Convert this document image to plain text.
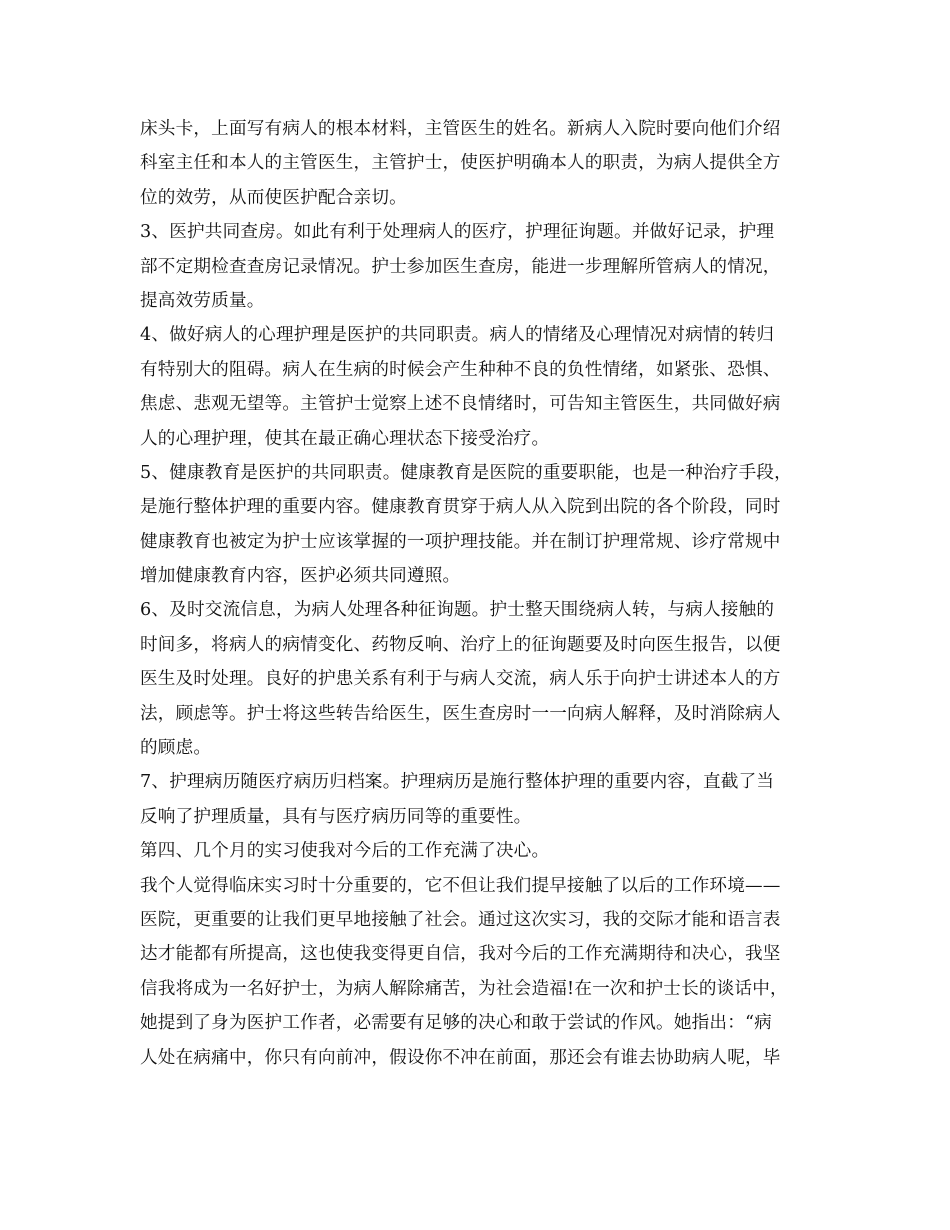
床头卡，上面写有病人的根本材料，主管医生的姓名。新病人入院时要向他们介绍
科室主任和本人的主管医生，主管护士，使医护明确本人的职责，为病人提供全方
位的效劳，从而使医护配合亲切。
3、医护共同查房。如此有利于处理病人的医疗，护理征询题。并做好记录，护理
部不定期检查查房记录情况。护士参加医生查房，能进一步理解所管病人的情况，
提高效劳质量。
4、做好病人的心理护理是医护的共同职责。病人的情绪及心理情况对病情的转归
有特别大的阻碍。病人在生病的时候会产生种种不良的负性情绪，如紧张、恐惧、
焦虑、悲观无望等。主管护士觉察上述不良情绪时，可告知主管医生，共同做好病
人的心理护理，使其在最正确心理状态下接受治疗。
5、健康教育是医护的共同职责。健康教育是医院的重要职能，也是一种治疗手段，
是施行整体护理的重要内容。健康教育贯穿于病人从入院到出院的各个阶段，同时
健康教育也被定为护士应该掌握的一项护理技能。并在制订护理常规、诊疗常规中
增加健康教育内容，医护必须共同遵照。
6、及时交流信息，为病人处理各种征询题。护士整天围绕病人转，与病人接触的
时间多，将病人的病情变化、药物反响、治疗上的征询题要及时向医生报告，以便
医生及时处理。良好的护患关系有利于与病人交流，病人乐于向护士讲述本人的方
法，顾虑等。护士将这些转告给医生，医生查房时一一向病人解释，及时消除病人
的顾虑。
7、护理病历随医疗病历归档案。护理病历是施行整体护理的重要内容，直截了当
反响了护理质量，具有与医疗病历同等的重要性。
第四、几个月的实习使我对今后的工作充满了决心。
我个人觉得临床实习时十分重要的，它不但让我们提早接触了以后的工作环境——
医院，更重要的让我们更早地接触了社会。通过这次实习，我的交际才能和语言表
达才能都有所提高，这也使我变得更自信，我对今后的工作充满期待和决心，我坚
信我将成为一名好护士，为病人解除痛苦，为社会造福!在一次和护士长的谈话中，
她提到了身为医护工作者，必需要有足够的决心和敢于尝试的作风。她指出：“病
人处在病痛中，你只有向前冲，假设你不冲在前面，那还会有谁去协助病人呢，毕
